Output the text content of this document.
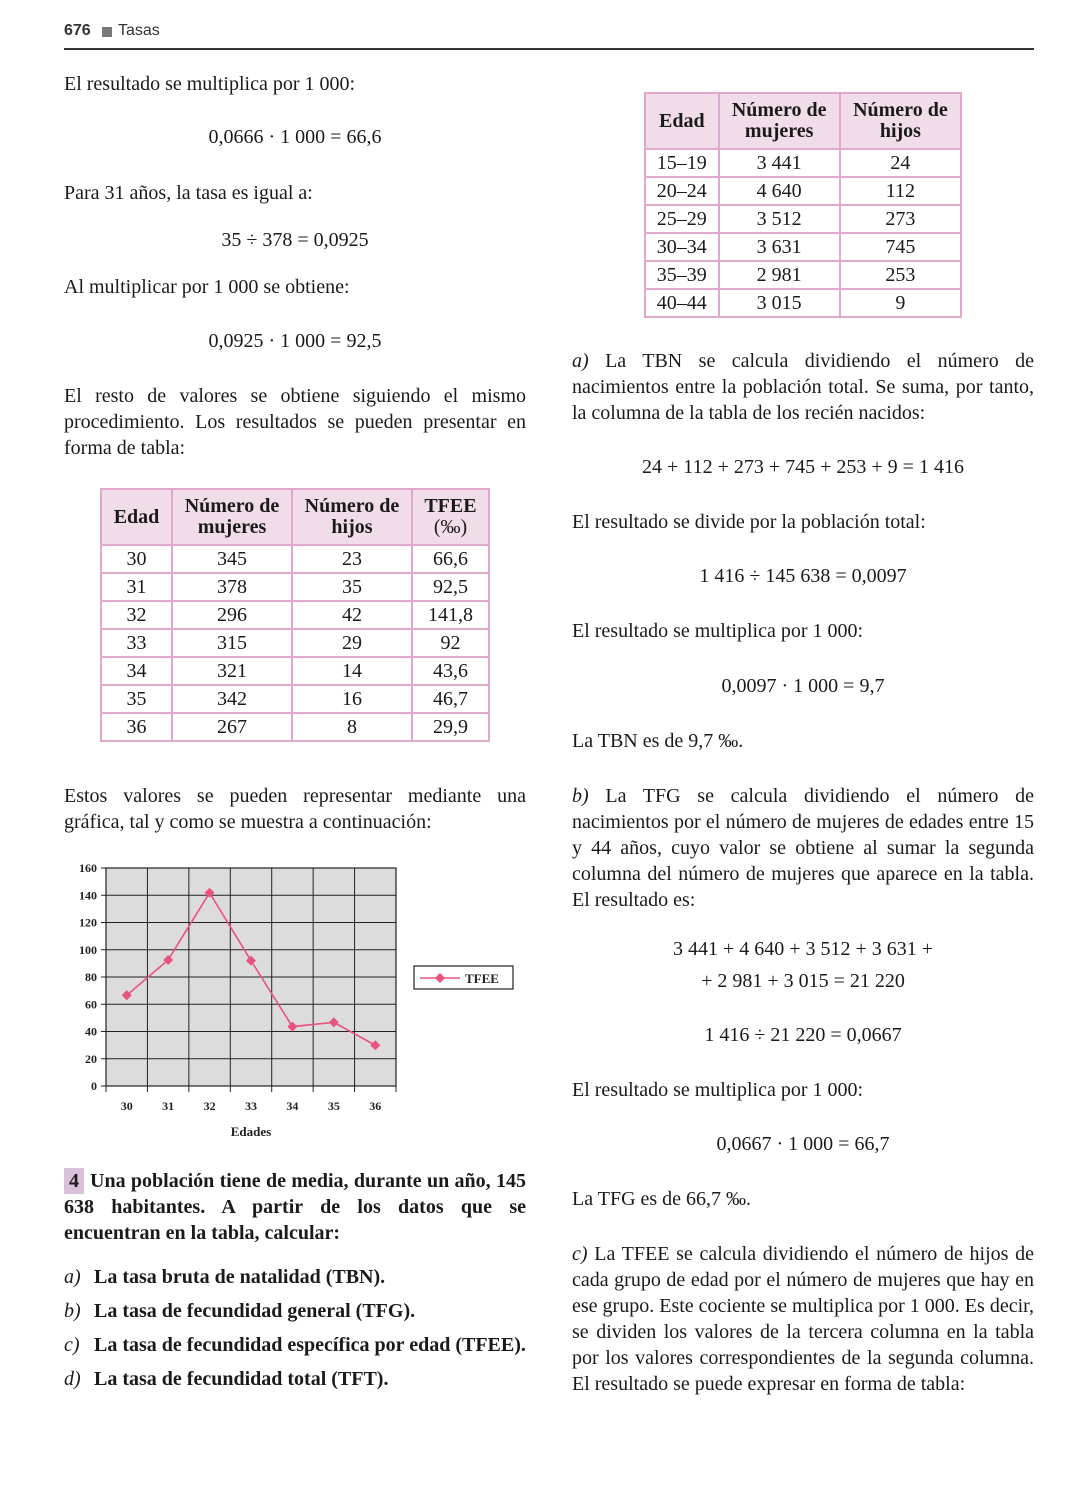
676 Tasas

El resultado se multiplica por 1 000:

0,0666 · 1 000 = 66,6

Para 31 años, la tasa es igual a:

35 ÷ 378 = 0,0925

Al multiplicar por 1 000 se obtiene:

0,0925 · 1 000 = 92,5

El resto de valores se obtiene siguiendo el mismo procedimiento. Los resultados se pueden presentar en forma de tabla:

Edad	Número de mujeres	Número de hijos	TFEE
(‰)
30	345	23	66,6
31	378	35	92,5
32	296	42	141,8
33	315	29	92
34	321	14	43,6
35	342	16	46,7
36	267	8	29,9

Estos valores se pueden representar mediante una gráfica, tal y como se muestra a continuación:

0
20
40
60
80
100
120
140
160
30 31 32 33 34 35 36
Edades
TFEE

4 Una población tiene de media, durante un año, 145 638 habitantes. A partir de los datos que se encuentran en la tabla, calcular:

a) La tasa bruta de natalidad (TBN).
b) La tasa de fecundidad general (TFG).
c) La tasa de fecundidad específica por edad (TFEE).
d) La tasa de fecundidad total (TFT).
Edad	Número de mujeres	Número de hijos
15–19	3 441	24
20–24	4 640	112
25–29	3 512	273
30–34	3 631	745
35–39	2 981	253
40–44	3 015	9

a) La TBN se calcula dividiendo el número de nacimientos entre la población total. Se suma, por tanto, la columna de la tabla de los recién nacidos:

24 + 112 + 273 + 745 + 253 + 9 = 1 416

El resultado se divide por la población total:

1 416 ÷ 145 638 = 0,0097

El resultado se multiplica por 1 000:

0,0097 · 1 000 = 9,7

La TBN es de 9,7 ‰.

b) La TFG se calcula dividiendo el número de nacimientos por el número de mujeres de edades entre 15 y 44 años, cuyo valor se obtiene al sumar la segunda columna del número de mujeres que aparece en la tabla. El resultado es:

3 441 + 4 640 + 3 512 + 3 631 +
+ 2 981 + 3 015 = 21 220
1 416 ÷ 21 220 = 0,0667

El resultado se multiplica por 1 000:

0,0667 · 1 000 = 66,7

La TFG es de 66,7 ‰.

c) La TFEE se calcula dividiendo el número de hijos de cada grupo de edad por el número de mujeres que hay en ese grupo. Este cociente se multiplica por 1 000. Es decir, se dividen los valores de la tercera columna en la tabla por los valores correspondientes de la segunda columna. El resultado se puede expresar en forma de tabla:
